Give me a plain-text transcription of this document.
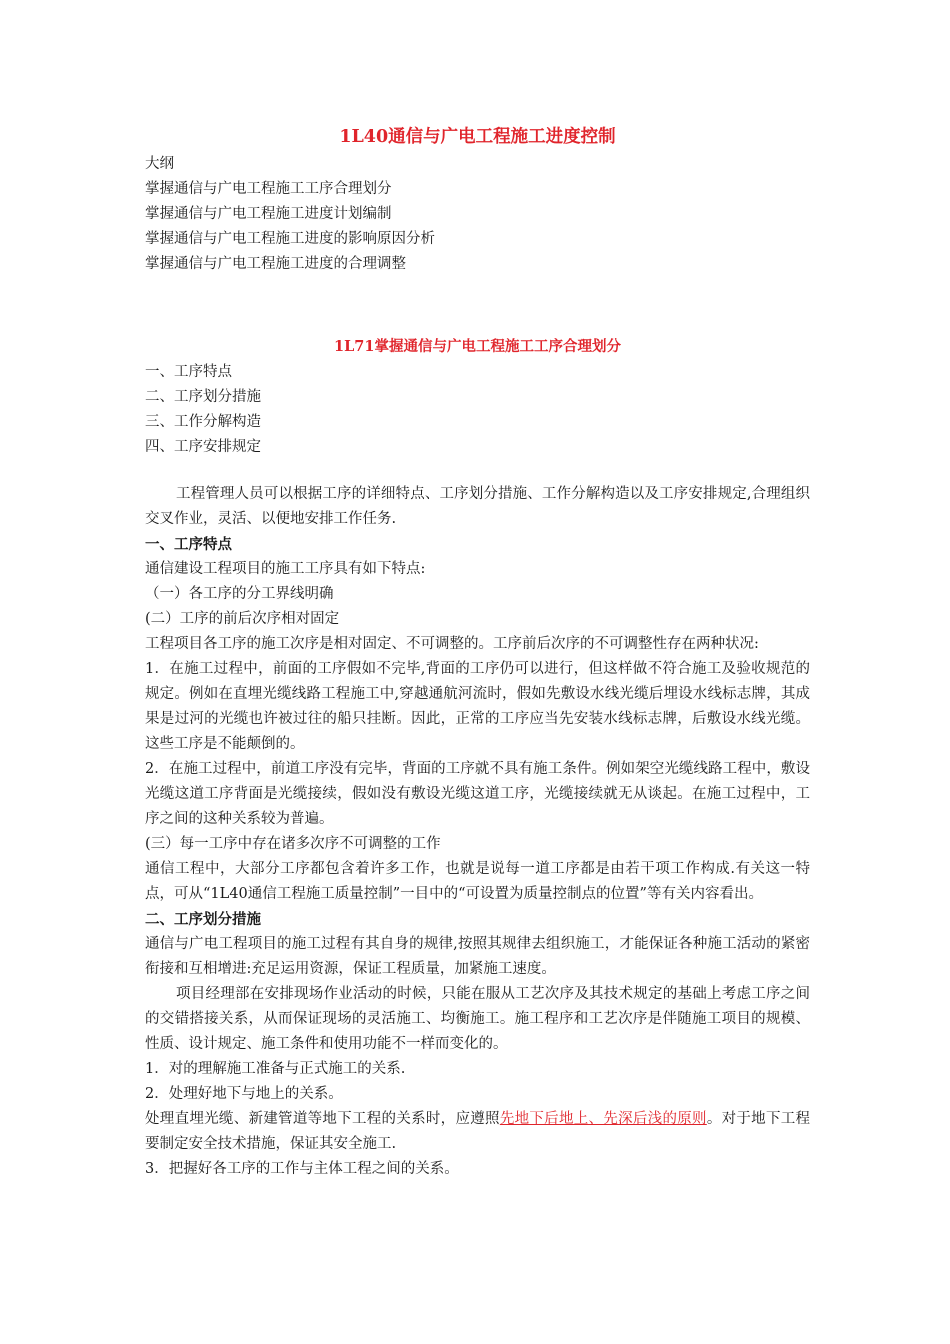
1L40通信与广电工程施工进度控制

大纲

掌握通信与广电工程施工工序合理划分

掌握通信与广电工程施工进度计划编制

掌握通信与广电工程施工进度的影响原因分析

掌握通信与广电工程施工进度的合理调整

1L71掌握通信与广电工程施工工序合理划分

一、工序特点

二、工序划分措施

三、工作分解构造

四、工序安排规定

工程管理人员可以根据工序的详细特点、工序划分措施、工作分解构造以及工序安排规定,合理组织交叉作业，灵活、以便地安排工作任务.

一、工序特点

通信建设工程项目的施工工序具有如下特点:

（一）各工序的分工界线明确

(二）工序的前后次序相对固定

工程项目各工序的施工次序是相对固定、不可调整的。工序前后次序的不可调整性存在两种状况:

1．在施工过程中，前面的工序假如不完毕,背面的工序仍可以进行，但这样做不符合施工及验收规范的规定。例如在直埋光缆线路工程施工中,穿越通航河流时，假如先敷设水线光缆后埋设水线标志牌，其成果是过河的光缆也许被过往的船只挂断。因此，正常的工序应当先安装水线标志牌，后敷设水线光缆。这些工序是不能颠倒的。

2．在施工过程中，前道工序没有完毕，背面的工序就不具有施工条件。例如架空光缆线路工程中，敷设光缆这道工序背面是光缆接续，假如没有敷设光缆这道工序，光缆接续就无从谈起。在施工过程中，工序之间的这种关系较为普遍。

(三）每一工序中存在诸多次序不可调整的工作

通信工程中，大部分工序都包含着许多工作，也就是说每一道工序都是由若干项工作构成.有关这一特点，可从“1L40通信工程施工质量控制”一目中的“可设置为质量控制点的位置”等有关内容看出。

二、工序划分措施

通信与广电工程项目的施工过程有其自身的规律,按照其规律去组织施工，才能保证各种施工活动的紧密衔接和互相增进:充足运用资源，保证工程质量，加紧施工速度。

项目经理部在安排现场作业活动的时候，只能在服从工艺次序及其技术规定的基础上考虑工序之间的交错搭接关系，从而保证现场的灵活施工、均衡施工。施工程序和工艺次序是伴随施工项目的规模、性质、设计规定、施工条件和使用功能不一样而变化的。

1．对的理解施工准备与正式施工的关系.

2．处理好地下与地上的关系。

处理直埋光缆、新建管道等地下工程的关系时，应遵照先地下后地上、先深后浅的原则。对于地下工程要制定安全技术措施，保证其安全施工.

3．把握好各工序的工作与主体工程之间的关系。
